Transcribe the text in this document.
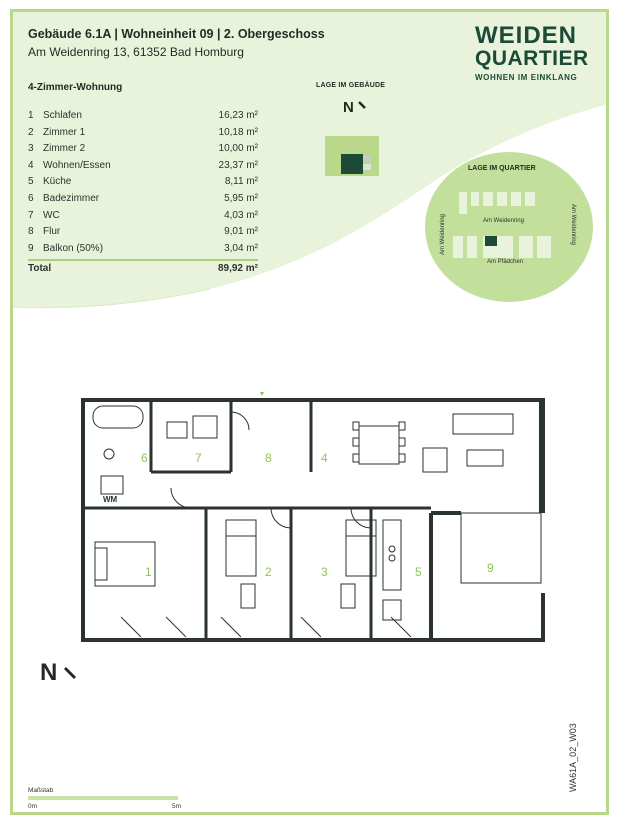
Gebäude 6.1A | Wohneinheit 09 | 2. Obergeschoss
Am Weidenring 13, 61352 Bad Homburg
WEIDEN
QUARTIER
WOHNEN IM EINKLANG
4-Zimmer-Wohnung
1 Schlafen	16,23 m²
2 Zimmer 1	10,18 m²
3 Zimmer 2	10,00 m²
4 Wohnen/Essen	23,37 m²
5 Küche	8,11 m²
6 Badezimmer	5,95 m²
7 WC	4,03 m²
8 Flur	9,01 m²
9 Balkon (50%)	3,04 m²
Total	89,92 m²
LAGE IM GEBÄUDE
N
LAGE IM QUARTIER
Am Weidenring	Am Weidenring	Am Weidenring
Am Pfädchen
1	2	3
4
5
6	7	8
9
WM
N
Maßstab
0m	5m
WA61A_02_W03
